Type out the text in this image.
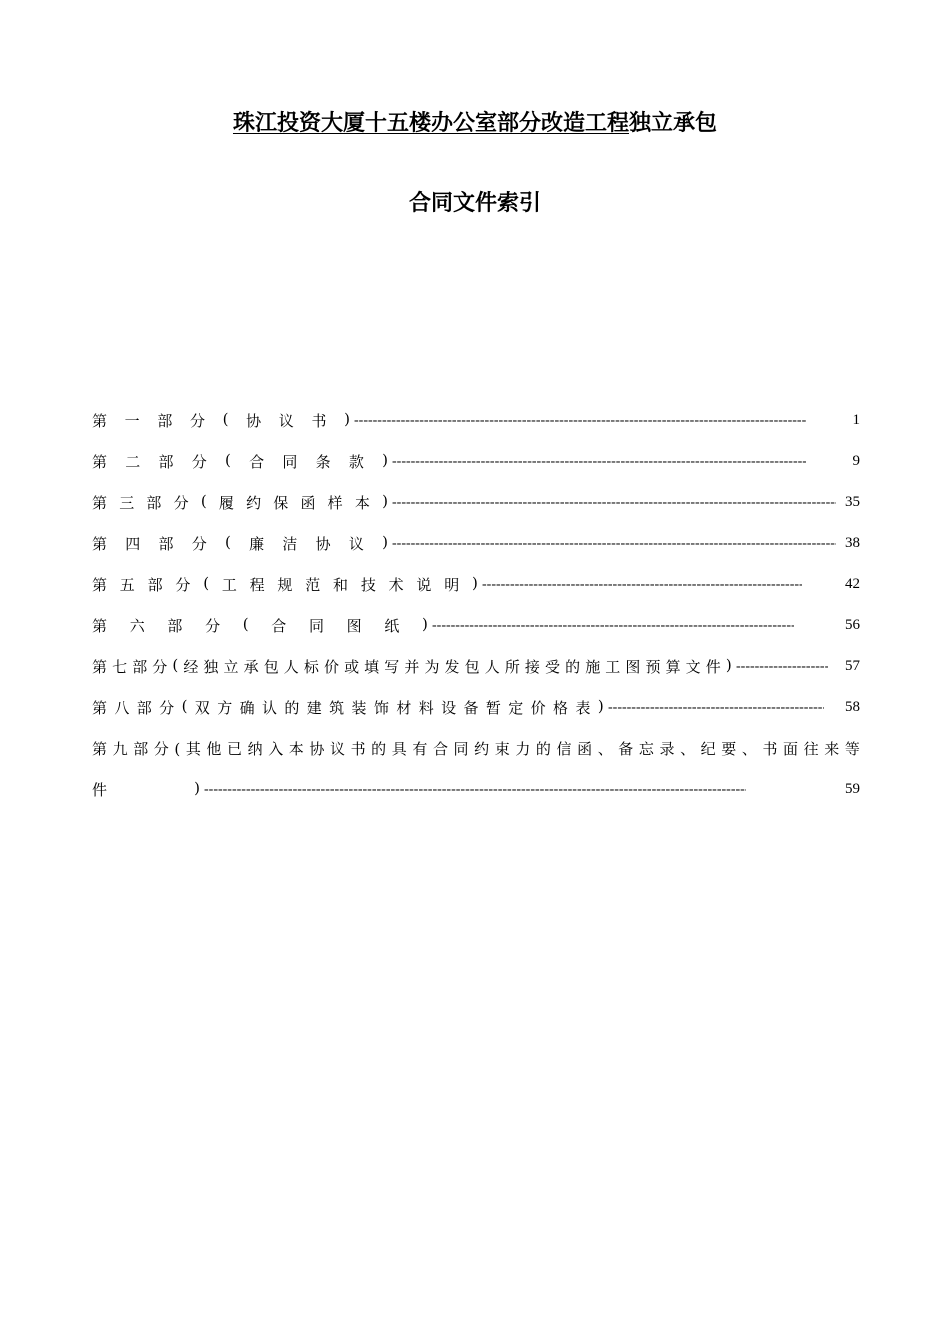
珠江投资大厦十五楼办公室部分改造工程独立承包
合同文件索引
第 一 部 分 ( 协 议 书 ) -----	1
第 二 部 分 ( 合 同 条 款 ) -----	9
第 三 部 分 ( 履 约 保 函 样 本 ) -----	35
第 四 部 分 ( 廉 洁 协 议 ) -----	38
第 五 部 分 ( 工 程 规 范 和 技 术 说 明 ) -----	42
第 六 部 分 ( 合 同 图 纸 ) -----	56
第 七 部 分 ( 经 独 立 承 包 人 标 价 或 填 写 并 为 发 包 人 所 接 受 的 施 工 图 预 算 文 件 ) -----	57
第 八 部 分 ( 双 方 确 认 的 建 筑 装 饰 材 料 设 备 暂 定 价 格 表 ) -----	58
第 九 部 分 ( 其 他 已 纳 入 本 协 议 书 的 具 有 合 同 约 束 力 的 信 函 、 备 忘 录 、 纪 要 、 书 面 往 来 等
件	) -----	59
